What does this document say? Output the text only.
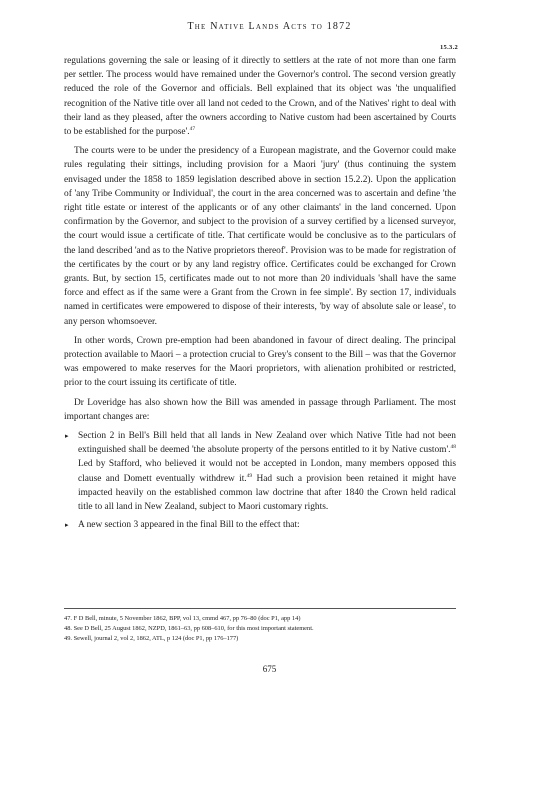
The Native Lands Acts to 1872
15.3.2

regulations governing the sale or leasing of it directly to settlers at the rate of not more than one farm per settler. The process would have remained under the Governor's control. The second version greatly reduced the role of the Governor and officials. Bell explained that its object was 'the unqualified recognition of the Native title over all land not ceded to the Crown, and of the Natives' right to deal with their land as they pleased, after the owners according to Native custom had been ascertained by Courts to be established for the purpose'.$^{47}$

The courts were to be under the presidency of a European magistrate, and the Governor could make rules regulating their sittings, including provision for a Maori 'jury' (thus continuing the system envisaged under the 1858 to 1859 legislation described above in section 15.2.2). Upon the application of 'any Tribe Community or Individual', the court in the area concerned was to ascertain and define 'the right title estate or interest of the applicants or of any other claimants' in the land concerned. Upon confirmation by the Governor, and subject to the provision of a survey certified by a licensed surveyor, the court would issue a certificate of title. That certificate would be conclusive as to the particulars of the land described 'and as to the Native proprietors thereof'. Provision was to be made for registration of the certificates by the court or by any land registry office. Certificates could be exchanged for Crown grants. But, by section 15, certificates made out to not more than 20 individuals 'shall have the same force and effect as if the same were a Grant from the Crown in fee simple'. By section 17, individuals named in certificates were empowered to dispose of their interests, 'by way of absolute sale or lease', to any person whomsoever.

In other words, Crown pre-emption had been abandoned in favour of direct dealing. The principal protection available to Maori – a protection crucial to Grey's consent to the Bill – was that the Governor was empowered to make reserves for the Maori proprietors, with alienation prohibited or restricted, prior to the court issuing its certificate of title.

Dr Loveridge has also shown how the Bill was amended in passage through Parliament. The most important changes are:

▸ Section 2 in Bell's Bill held that all lands in New Zealand over which Native Title had not been extinguished shall be deemed 'the absolute property of the persons entitled to it by Native custom'.$^{48}$ Led by Stafford, who believed it would not be accepted in London, many members opposed this clause and Domett eventually withdrew it.$^{49}$ Had such a provision been retained it might have impacted heavily on the established common law doctrine that after 1840 the Crown held radical title to all land in New Zealand, subject to Maori customary rights.
▸ A new section 3 appeared in the final Bill to the effect that:
47. F D Bell, minute, 5 November 1862, BPP, vol 13, cmmd 467, pp 76–80 (doc P1, app 14)
48. See D Bell, 25 August 1862, NZPD, 1861–63, pp 608–610, for this most important statement.
49. Sewell, journal 2, vol 2, 1862, ATL, p 124 (doc P1, pp 176–177)
675
